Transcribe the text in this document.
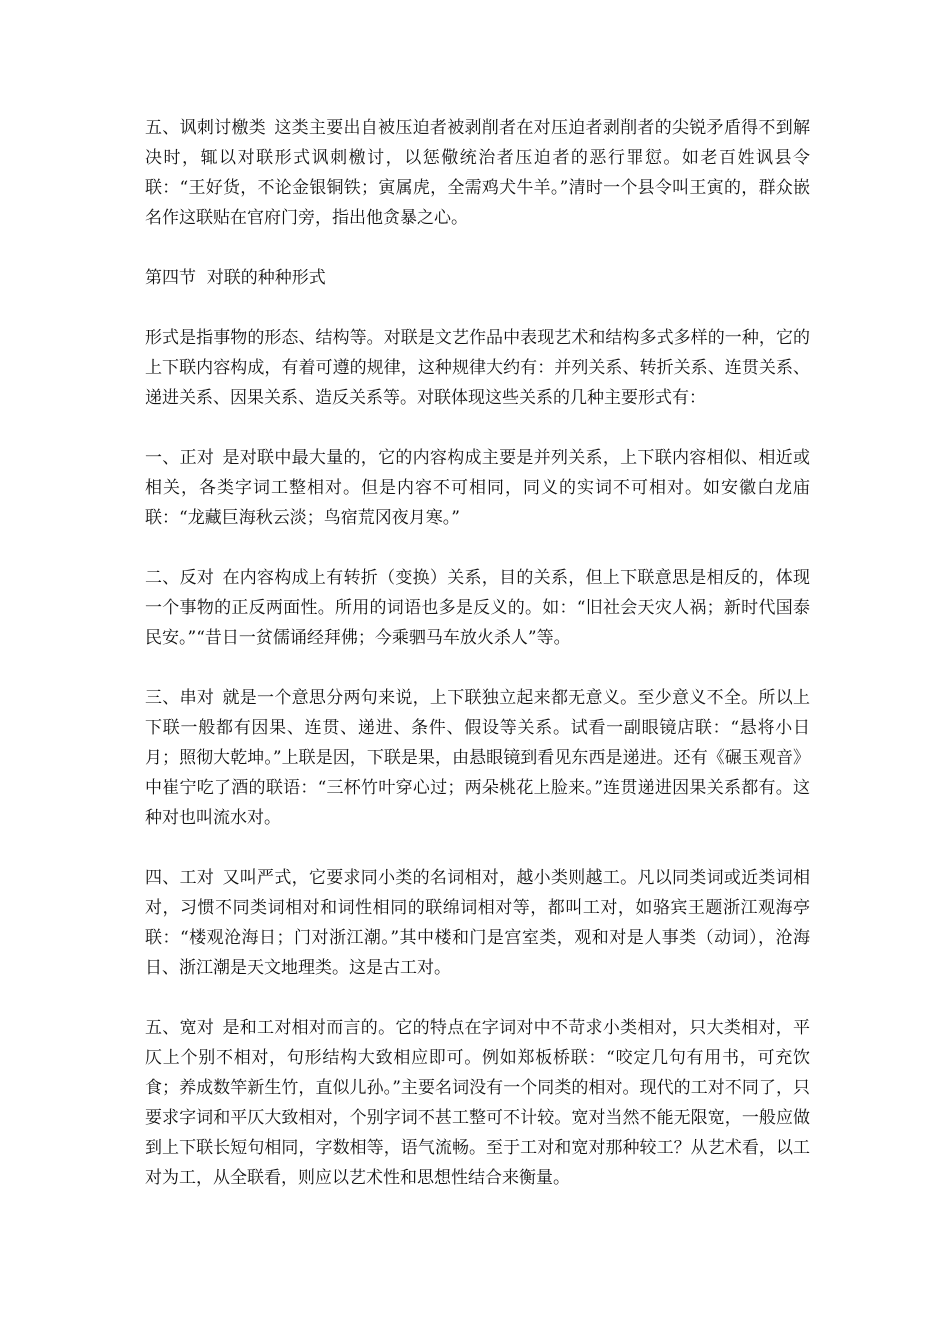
五、讽刺讨檄类 这类主要出自被压迫者被剥削者在对压迫者剥削者的尖锐矛盾得不到解决时，辄以对联形式讽刺檄讨，以惩儆统治者压迫者的恶行罪愆。如老百姓讽县令联：“王好货，不论金银铜铁；寅属虎，全需鸡犬牛羊。”清时一个县令叫王寅的，群众嵌名作这联贴在官府门旁，指出他贪暴之心。

第四节  对联的种种形式

形式是指事物的形态、结构等。对联是文艺作品中表现艺术和结构多式多样的一种，它的上下联内容构成，有着可遵的规律，这种规律大约有：并列关系、转折关系、连贯关系、递进关系、因果关系、造反关系等。对联体现这些关系的几种主要形式有：

一、正对 是对联中最大量的，它的内容构成主要是并列关系，上下联内容相似、相近或相关，各类字词工整相对。但是内容不可相同，同义的实词不可相对。如安徽白龙庙联：“龙藏巨海秋云淡；鸟宿荒冈夜月寒。”

二、反对 在内容构成上有转折（变换）关系，目的关系，但上下联意思是相反的，体现一个事物的正反两面性。所用的词语也多是反义的。如：“旧社会天灾人祸；新时代国泰民安。”“昔日一贫儒诵经拜佛；今乘驷马车放火杀人”等。

三、串对 就是一个意思分两句来说，上下联独立起来都无意义。至少意义不全。所以上下联一般都有因果、连贯、递进、条件、假设等关系。试看一副眼镜店联：“悬将小日月；照彻大乾坤。”上联是因，下联是果，由悬眼镜到看见东西是递进。还有《碾玉观音》中崔宁吃了酒的联语：“三杯竹叶穿心过；两朵桃花上脸来。”连贯递进因果关系都有。这种对也叫流水对。

四、工对 又叫严式，它要求同小类的名词相对，越小类则越工。凡以同类词或近类词相对，习惯不同类词相对和词性相同的联绵词相对等，都叫工对，如骆宾王题浙江观海亭联：“楼观沧海日；门对浙江潮。”其中楼和门是宫室类，观和对是人事类（动词），沧海日、浙江潮是天文地理类。这是古工对。

五、宽对 是和工对相对而言的。它的特点在字词对中不苛求小类相对，只大类相对，平仄上个别不相对，句形结构大致相应即可。例如郑板桥联：“咬定几句有用书，可充饮食；养成数竿新生竹，直似儿孙。”主要名词没有一个同类的相对。现代的工对不同了，只要求字词和平仄大致相对，个别字词不甚工整可不计较。宽对当然不能无限宽，一般应做到上下联长短句相同，字数相等，语气流畅。至于工对和宽对那种较工？从艺术看，以工对为工，从全联看，则应以艺术性和思想性结合来衡量。
